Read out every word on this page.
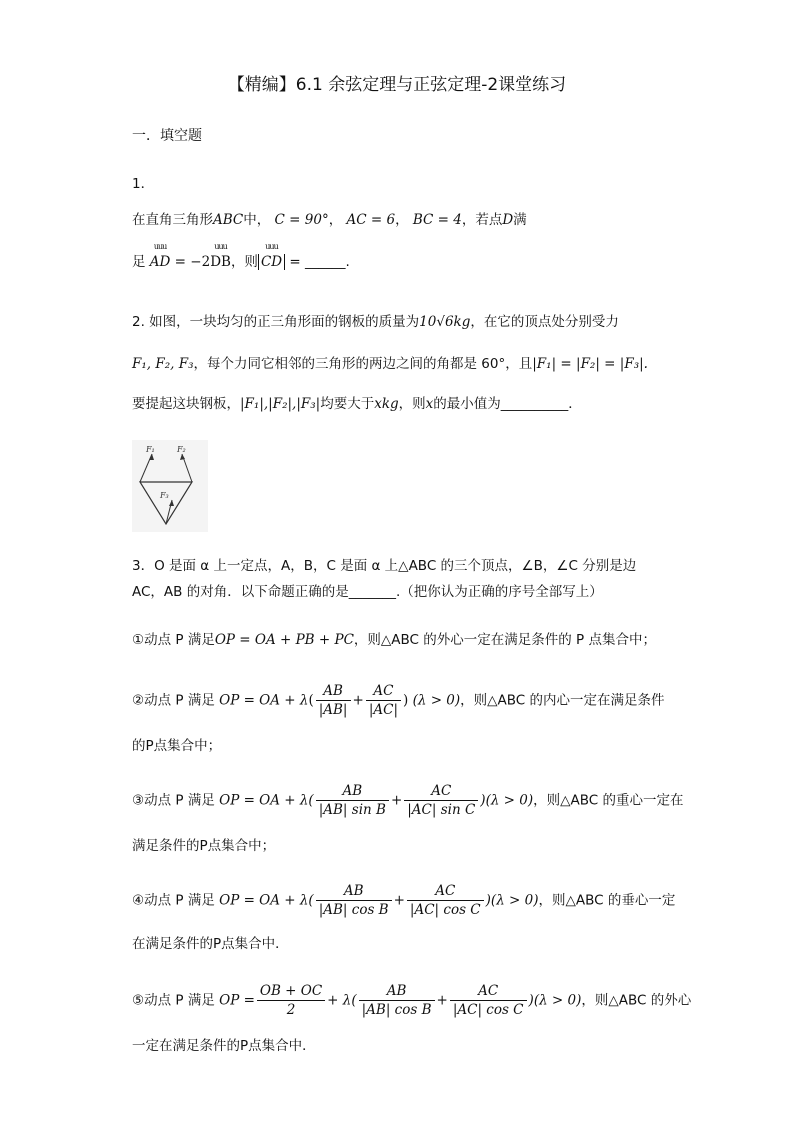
【精编】6.1 余弦定理与正弦定理-2课堂练习
一．填空题
1．
在直角三角形ABC中， C = 90°， AC = 6， BC = 4，若点D满
足 uuu AD = −2uuu DB，则 uuu CD = ______.
2. 如图，一块均匀的正三角形面的钢板的质量为10√6kg，在它的顶点处分别受力
F₁, F₂, F₃，每个力同它相邻的三角形的两边之间的角都是 60°，且|F₁| = |F₂| = |F₃|.
要提起这块钢板，|F₁|,|F₂|,|F₃|均要大于xkg，则x的最小值为__________．
F₁	F₂
F₃
3．O 是面 α 上一定点，A，B，C 是面 α 上△ABC 的三个顶点，∠B，∠C 分别是边
AC，AB 的对角．以下命题正确的是_______.（把你认为正确的序号全部写上）
①动点 P 满足OP = OA + PB + PC，则△ABC 的外心一定在满足条件的 P 点集合中；
②动点 P 满足 OP = OA + $\lambda( \frac{AB}{|AB|} + \frac{AC}{|AC|}$ ) (λ > 0)，则△ABC 的内心一定在满足条件
的P点集合中；
③动点 P 满足 OP = OA + $\lambda( \frac{AB}{\text{|AB| sin B}} + \frac{AC}{\text{|AC| sin C}} )(\lambda > 0)$，则△ABC 的重心一定在
满足条件的P点集合中；
④动点 P 满足 OP = OA + $\lambda( \frac{AB}{\text{|AB| cos B}} + \frac{AC}{\text{|AC| cos C}} )(\lambda > 0)$，则△ABC 的垂心一定
在满足条件的P点集合中．
⑤动点 P 满足 OP = $\frac{OB + OC}{2} + \lambda( \frac{AB}{\text{|AB| cos B}} + \frac{AC}{\text{|AC| cos C}} )(\lambda > 0)$，则△ABC 的外心
一定在满足条件的P点集合中．
